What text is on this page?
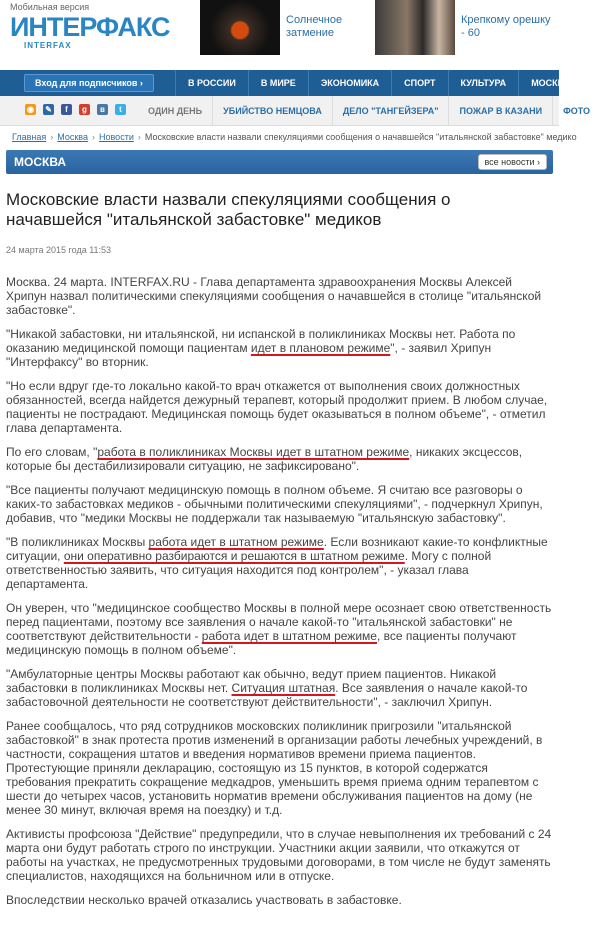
Мобильная версия
ИНТЕРФАКС
INTERFAX
Солнечное затмение
Крепкому орешку - 60
Вход для подписчиков ›	В РОССИИ	В МИРЕ	ЭКОНОМИКА	СПОРТ	КУЛЬТУРА	МОСКВА
◉ ✎	f	g	в	t	ОДИН ДЕНЬ	УБИЙСТВО НЕМЦОВА	ДЕЛО "ТАНГЕЙЗЕРА"	ПОЖАР В КАЗАНИ	ФОТО
Главная › Москва › Новости › Московские власти назвали спекуляциями сообщения о начавшейся "итальянской забастовке" медико
МОСКВА	все новости ›
Московские власти назвали спекуляциями сообщения о начавшейся "итальянской забастовке" медиков
24 марта 2015 года 11:53

Москва. 24 марта. INTERFAX.RU - Глава департамента здравоохранения Москвы Алексей Хрипун назвал политическими спекуляциями сообщения о начавшейся в столице "итальянской забастовке".

"Никакой забастовки, ни итальянской, ни испанской в поликлиниках Москвы нет. Работа по оказанию медицинской помощи пациентам идет в плановом режиме", - заявил Хрипун "Интерфаксу" во вторник.

"Но если вдруг где-то локально какой-то врач откажется от выполнения своих должностных обязанностей, всегда найдется дежурный терапевт, который продолжит прием. В любом случае, пациенты не пострадают. Медицинская помощь будет оказываться в полном объеме", - отметил глава департамента.

По его словам, "работа в поликлиниках Москвы идет в штатном режиме, никаких эксцессов, которые бы дестабилизировали ситуацию, не зафиксировано".

"Все пациенты получают медицинскую помощь в полном объеме. Я считаю все разговоры о каких-то забастовках медиков - обычными политическими спекуляциями", - подчеркнул Хрипун, добавив, что "медики Москвы не поддержали так называемую "итальянскую забастовку".

"В поликлиниках Москвы работа идет в штатном режиме. Если возникают какие-то конфликтные ситуации, они оперативно разбираются и решаются в штатном режиме. Могу с полной ответственностью заявить, что ситуация находится под контролем", - указал глава департамента.

Он уверен, что "медицинское сообщество Москвы в полной мере осознает свою ответственность перед пациентами, поэтому все заявления о начале какой-то "итальянской забастовки" не соответствуют действительности - работа идет в штатном режиме, все пациенты получают медицинскую помощь в полном объеме".

"Амбулаторные центры Москвы работают как обычно, ведут прием пациентов. Никакой забастовки в поликлиниках Москвы нет. Ситуация штатная. Все заявления о начале какой-то забастовочной деятельности не соответствуют действительности", - заключил Хрипун.

Ранее сообщалось, что ряд сотрудников московских поликлиник пригрозили "итальянской забастовкой" в знак протеста против изменений в организации работы лечебных учреждений, в частности, сокращения штатов и введения нормативов времени приема пациентов. Протестующие приняли декларацию, состоящую из 15 пунктов, в которой содержатся требования прекратить сокращение медкадров, уменьшить время приема одним терапевтом с шести до четырех часов, установить норматив времени обслуживания пациентов на дому (не менее 30 минут, включая время на поездку) и т.д.

Активисты профсоюза "Действие" предупредили, что в случае невыполнения их требований с 24 марта они будут работать строго по инструкции. Участники акции заявили, что откажутся от работы на участках, не предусмотренных трудовыми договорами, в том числе не будут заменять специалистов, находящихся на больничном или в отпуске.

Впоследствии несколько врачей отказались участвовать в забастовке.
